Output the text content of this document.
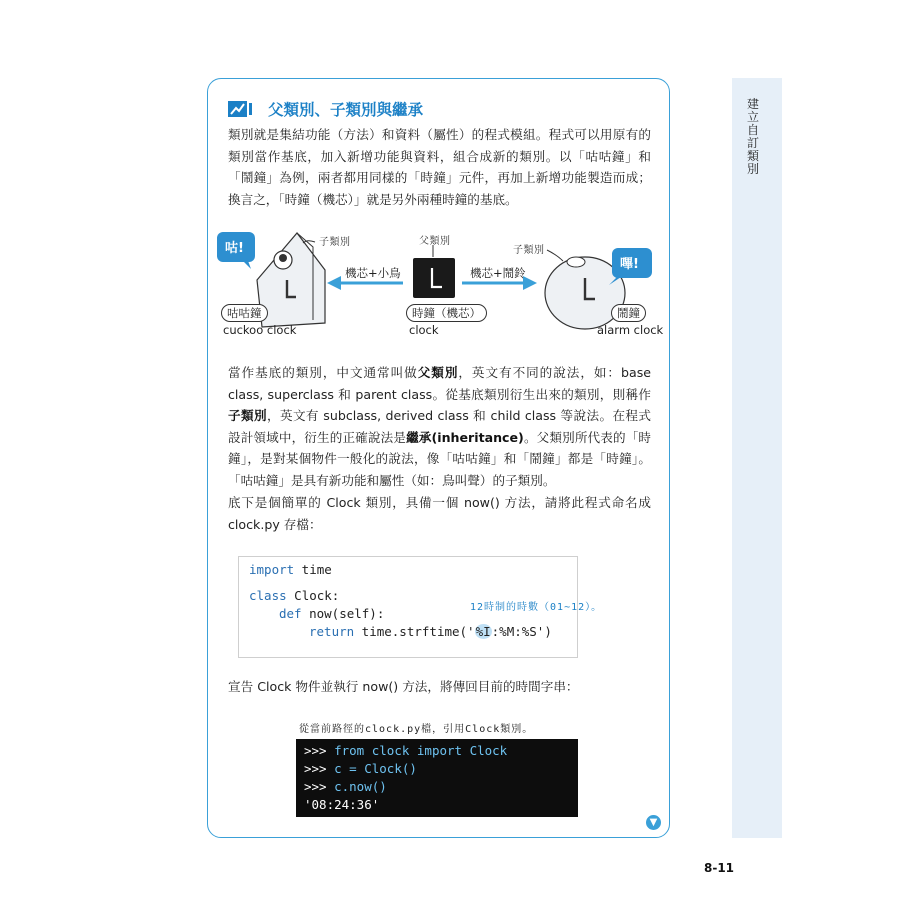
建立自訂類別
8-11
父類別、子類別與繼承
類別就是集結功能（方法）和資料（屬性）的程式模組。程式可以用原有的類別當作基底，加入新增功能與資料，組合成新的類別。以「咕咕鐘」和「鬧鐘」為例，兩者都用同樣的「時鐘」元件，再加上新增功能製造而成；換言之，「時鐘（機芯）」就是另外兩種時鐘的基底。
咕!
嗶!
子類別	父類別
子類別
機芯+小鳥	機芯+鬧鈴
咕咕鐘
cuckoo clock
時鐘（機芯）
clock
鬧鐘
alarm clock
當作基底的類別，中文通常叫做父類別，英文有不同的說法，如：base class, superclass 和 parent class。從基底類別衍生出來的類別，則稱作子類別，英文有 subclass, derived class 和 child class 等說法。在程式設計領域中，衍生的正確說法是繼承(inheritance)。父類別所代表的「時鐘」，是對某個物件一般化的說法，像「咕咕鐘」和「鬧鐘」都是「時鐘」。「咕咕鐘」是具有新功能和屬性（如：鳥叫聲）的子類別。
底下是個簡單的 Clock 類別，具備一個 now() 方法，請將此程式命名成 clock.py 存檔：
import time
class Clock:
def now(self):
return time.strftime('%I:%M:%S')
12時制的時數（01~12）。
宣告 Clock 物件並執行 now() 方法，將傳回目前的時間字串：
從當前路徑的clock.py檔，引用Clock類別。
>>> from clock import Clock
>>> c = Clock()
>>> c.now()
'08:24:36'
▼
